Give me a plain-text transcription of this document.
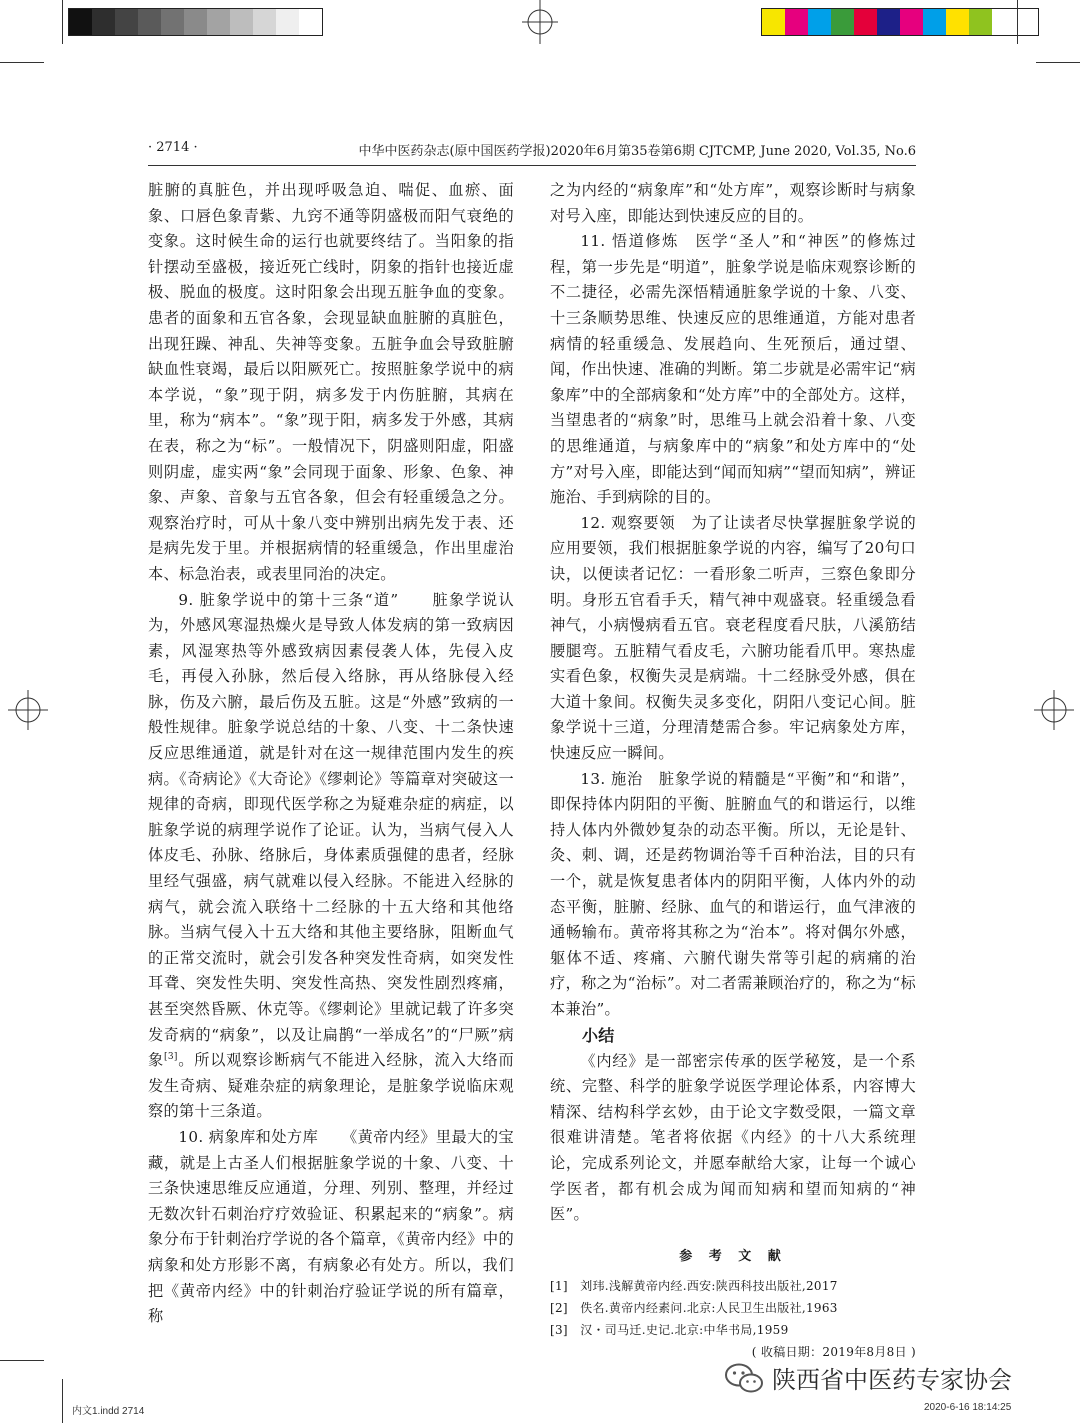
· 2714 ·	中华中医药杂志(原中国医药学报)2020年6月第35卷第6期 CJTCMP, June 2020, Vol.35, No.6

脏腑的真脏色，并出现呼吸急迫、喘促、血瘀、面象、口唇色象青紫、九窍不通等阴盛极而阳气衰绝的变象。这时候生命的运行也就要终结了。当阳象的指针摆动至盛极，接近死亡线时，阴象的指针也接近虚极、脱血的极度。这时阳象会出现五脏争血的变象。患者的面象和五官各象，会现显缺血脏腑的真脏色，出现狂躁、神乱、失神等变象。五脏争血会导致脏腑缺血性衰竭，最后以阳厥死亡。按照脏象学说中的病本学说，“象”现于阴，病多发于内伤脏腑，其病在里，称为“病本”。“象”现于阳，病多发于外感，其病在表，称之为“标”。一般情况下，阴盛则阳虚，阳盛则阴虚，虚实两“象”会同现于面象、形象、色象、神象、声象、音象与五官各象，但会有轻重缓急之分。观察治疗时，可从十象八变中辨别出病先发于表、还是病先发于里。并根据病情的轻重缓急，作出里虚治本、标急治表，或表里同治的决定。

9. 脏象学说中的第十三条“道”　　脏象学说认为，外感风寒湿热燥火是导致人体发病的第一致病因素，风湿寒热等外感致病因素侵袭人体，先侵入皮毛，再侵入孙脉，然后侵入络脉，再从络脉侵入经脉，伤及六腑，最后伤及五脏。这是“外感”致病的一般性规律。脏象学说总结的十象、八变、十二条快速反应思维通道，就是针对在这一规律范围内发生的疾病。《奇病论》《大奇论》《缪刺论》等篇章对突破这一规律的奇病，即现代医学称之为疑难杂症的病症，以脏象学说的病理学说作了论证。认为，当病气侵入人体皮毛、孙脉、络脉后，身体素质强健的患者，经脉里经气强盛，病气就难以侵入经脉。不能进入经脉的病气，就会流入联络十二经脉的十五大络和其他络脉。当病气侵入十五大络和其他主要络脉，阻断血气的正常交流时，就会引发各种突发性奇病，如突发性耳聋、突发性失明、突发性高热、突发性剧烈疼痛，甚至突然昏厥、休克等。《缪刺论》里就记载了许多突发奇病的“病象”，以及让扁鹊“一举成名”的“尸厥”病象[3]。所以观察诊断病气不能进入经脉，流入大络而发生奇病、疑难杂症的病象理论，是脏象学说临床观察的第十三条道。

10. 病象库和处方库　　《黄帝内经》里最大的宝藏，就是上古圣人们根据脏象学说的十象、八变、十三条快速思维反应通道，分理、列别、整理，并经过无数次针石刺治疗疗效验证、积累起来的“病象”。病象分布于针刺治疗学说的各个篇章，《黄帝内经》中的病象和处方形影不离，有病象必有处方。所以，我们把《黄帝内经》中的针刺治疗验证学说的所有篇章，称

之为内经的“病象库”和“处方库”，观察诊断时与病象对号入座，即能达到快速反应的目的。

11. 悟道修炼　医学“圣人”和“神医”的修炼过程，第一步先是“明道”，脏象学说是临床观察诊断的不二捷径，必需先深悟精通脏象学说的十象、八变、十三条顺势思维、快速反应的思维通道，方能对患者病情的轻重缓急、发展趋向、生死预后，通过望、闻，作出快速、准确的判断。第二步就是必需牢记“病象库”中的全部病象和“处方库”中的全部处方。这样，当望患者的“病象”时，思维马上就会沿着十象、八变的思维通道，与病象库中的“病象”和处方库中的“处方”对号入座，即能达到“闻而知病”“望而知病”，辨证施治、手到病除的目的。

12. 观察要领　为了让读者尽快掌握脏象学说的应用要领，我们根据脏象学说的内容，编写了20句口诀，以便读者记忆：一看形象二听声，三察色象即分明。身形五官看手夭，精气神中观盛衰。轻重缓急看神气，小病慢病看五官。衰老程度看尺肤，八溪筋结腰腿弯。五脏精气看皮毛，六腑功能看爪甲。寒热虚实看色象，权衡失灵是病端。十二经脉受外感，俱在大道十象间。权衡失灵多变化，阴阳八变记心间。脏象学说十三道，分理清楚需合参。牢记病象处方库，快速反应一瞬间。

13. 施治　脏象学说的精髓是“平衡”和“和谐”，即保持体内阴阳的平衡、脏腑血气的和谐运行，以维持人体内外微妙复杂的动态平衡。所以，无论是针、灸、刺、调，还是药物调治等千百种治法，目的只有一个，就是恢复患者体内的阴阳平衡，人体内外的动态平衡，脏腑、经脉、血气的和谐运行，血气津液的通畅输布。黄帝将其称之为“治本”。将对偶尔外感，躯体不适、疼痛、六腑代谢失常等引起的病痛的治疗，称之为“治标”。对二者需兼顾治疗的，称之为“标本兼治”。

小结

《内经》是一部密宗传承的医学秘笈，是一个系统、完整、科学的脏象学说医学理论体系，内容博大精深、结构科学玄妙，由于论文字数受限，一篇文章很难讲清楚。笔者将依据《内经》的十八大系统理论，完成系列论文，并愿奉献给大家，让每一个诚心学医者，都有机会成为闻而知病和望而知病的“神医”。

参 考 文 献

[1]　刘玮.浅解黄帝内经.西安:陕西科技出版社,2017

[2]　佚名.黄帝内经素问.北京:人民卫生出版社,1963

[3]　汉・司马迁.史记.北京:中华书局,1959

( 收稿日期：2019年8月8日 )

陕西省中医药专家协会
内文1.indd 2714	2020-6-16 18:14:25
